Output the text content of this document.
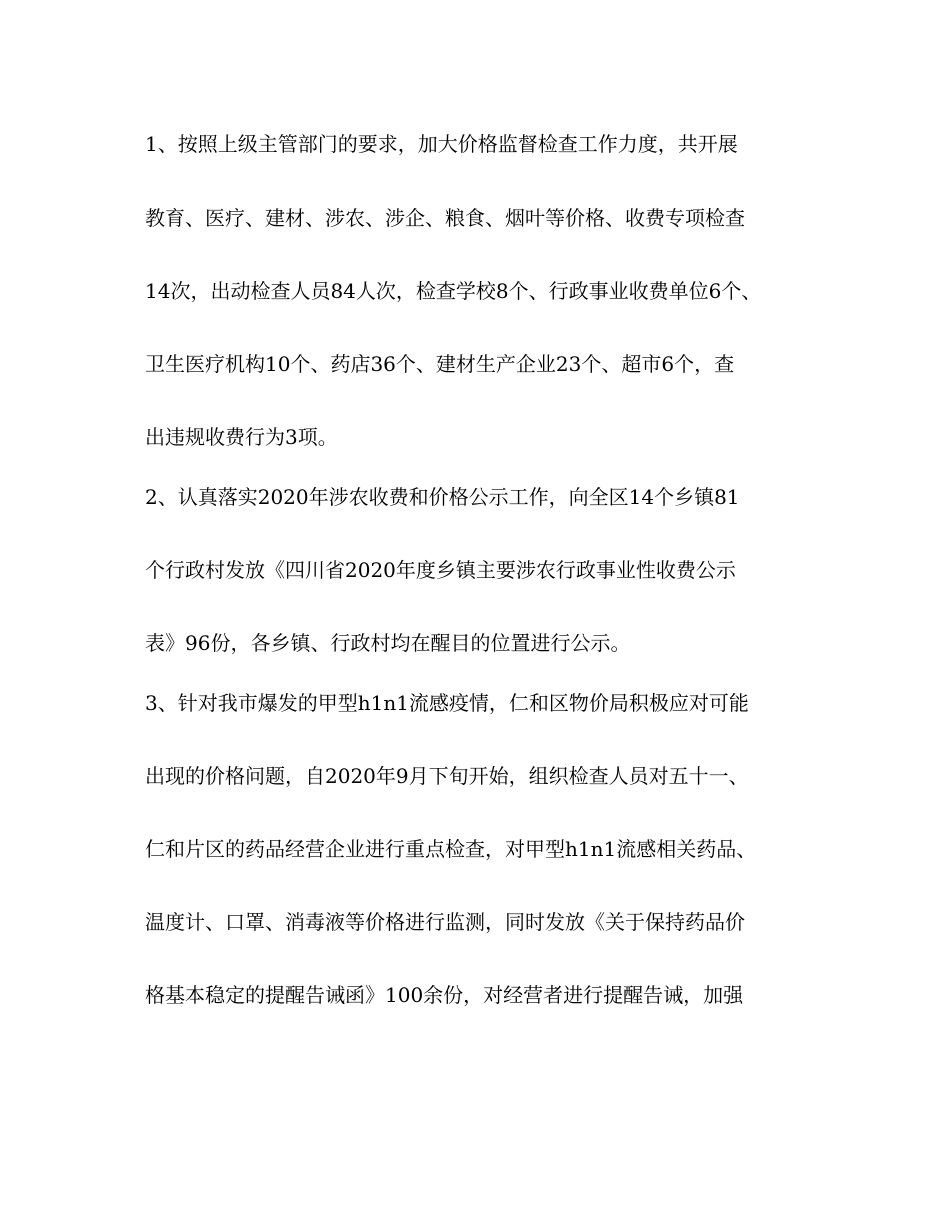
1、按照上级主管部门的要求，加大价格监督检查工作力度，共开展
教育、医疗、建材、涉农、涉企、粮食、烟叶等价格、收费专项检查
14次，出动检查人员84人次，检查学校8个、行政事业收费单位6个、
卫生医疗机构10个、药店36个、建材生产企业23个、超市6个，查
出违规收费行为3项。
2、认真落实2020年涉农收费和价格公示工作，向全区14个乡镇81
个行政村发放《四川省2020年度乡镇主要涉农行政事业性收费公示
表》96份，各乡镇、行政村均在醒目的位置进行公示。
3、针对我市爆发的甲型h1n1流感疫情，仁和区物价局积极应对可能
出现的价格问题，自2020年9月下旬开始，组织检查人员对五十一、
仁和片区的药品经营企业进行重点检查，对甲型h1n1流感相关药品、
温度计、口罩、消毒液等价格进行监测，同时发放《关于保持药品价
格基本稳定的提醒告诫函》100余份，对经营者进行提醒告诫，加强
